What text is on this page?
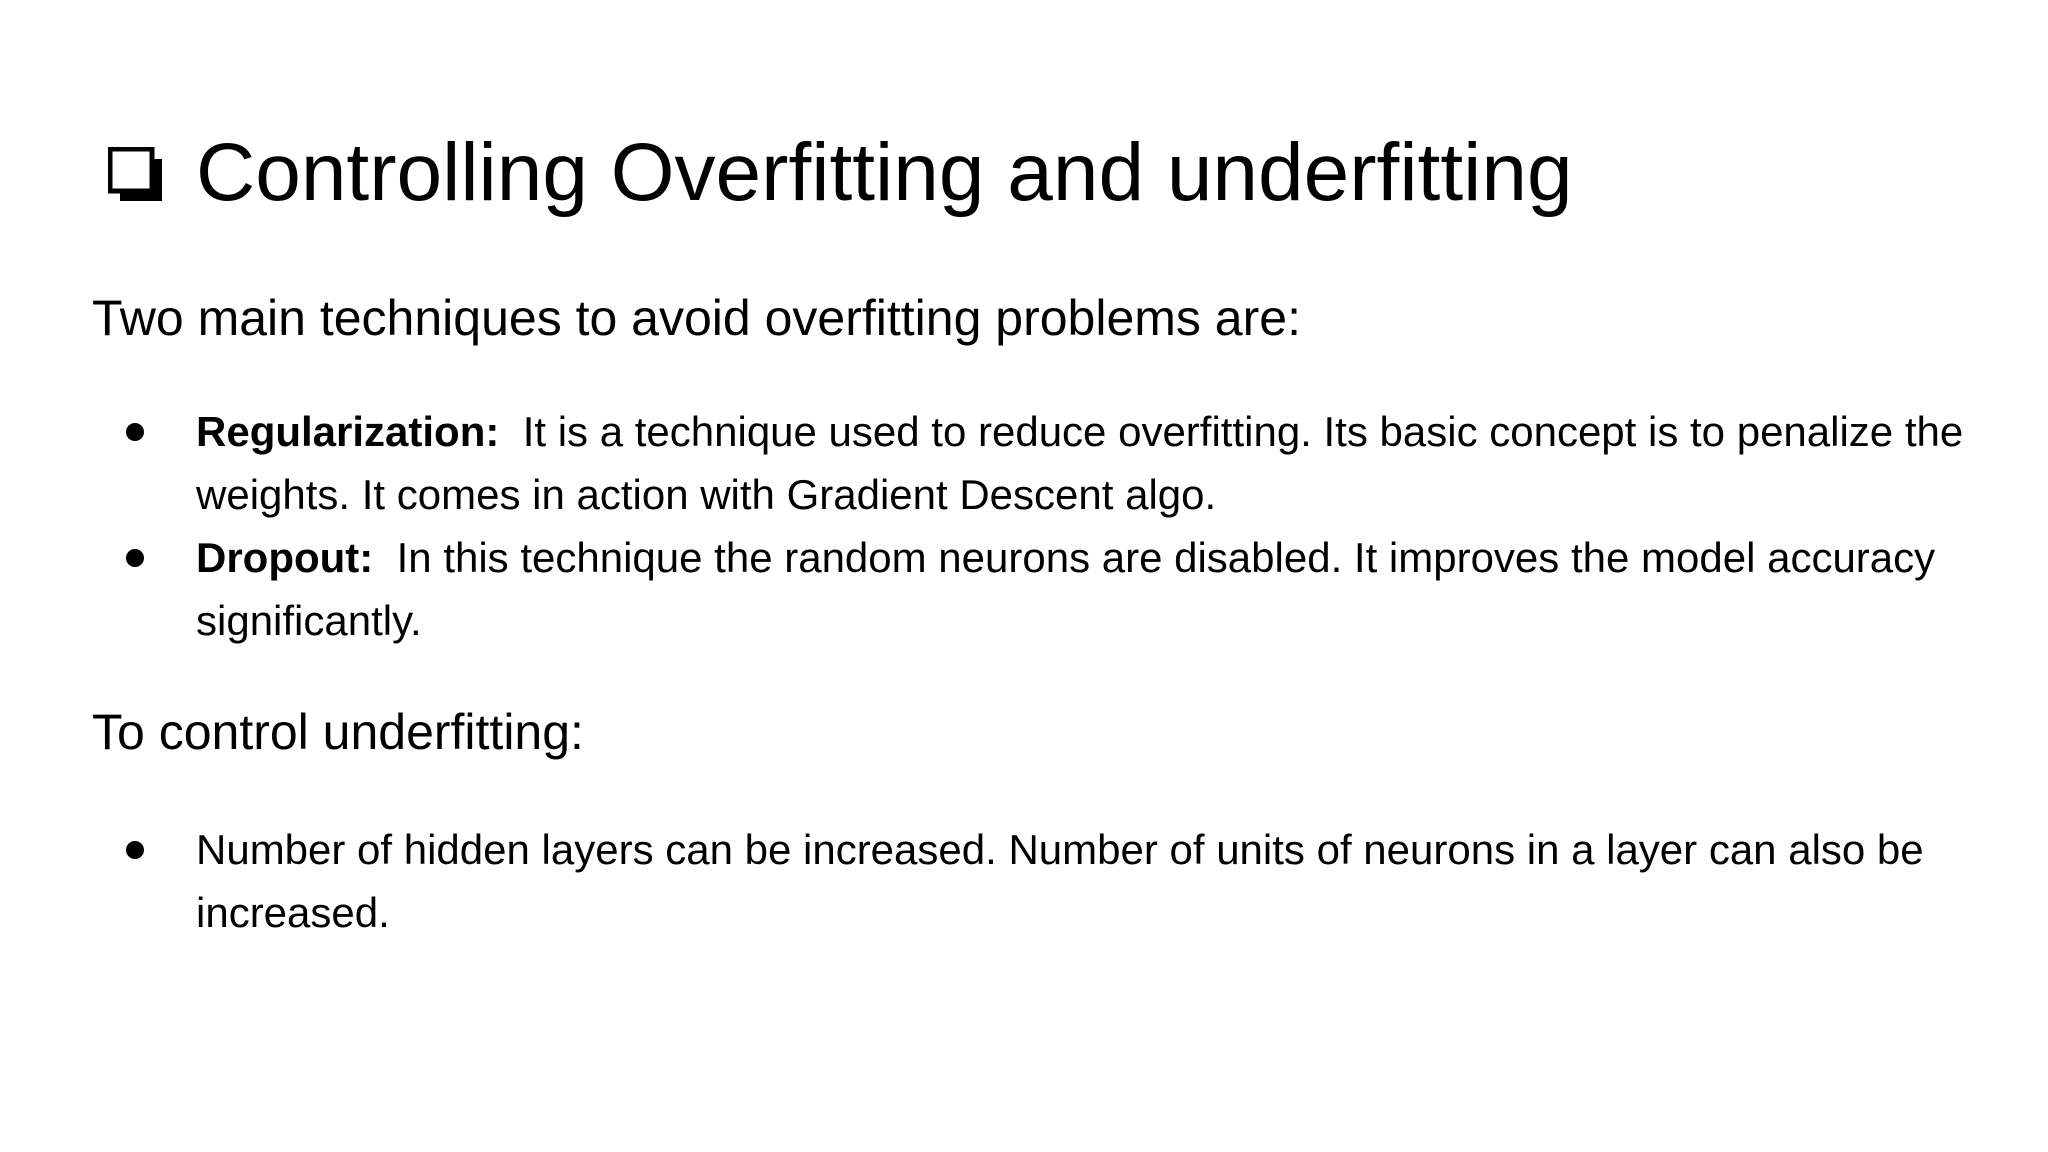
Controlling Overfitting and underfitting
Two main techniques to avoid overfitting problems are:
Regularization: It is a technique used to reduce overfitting. Its basic concept is to penalize the weights. It comes in action with Gradient Descent algo.
Dropout: In this technique the random neurons are disabled. It improves the model accuracy significantly.
To control underfitting:
Number of hidden layers can be increased. Number of units of neurons in a layer can also be increased.
